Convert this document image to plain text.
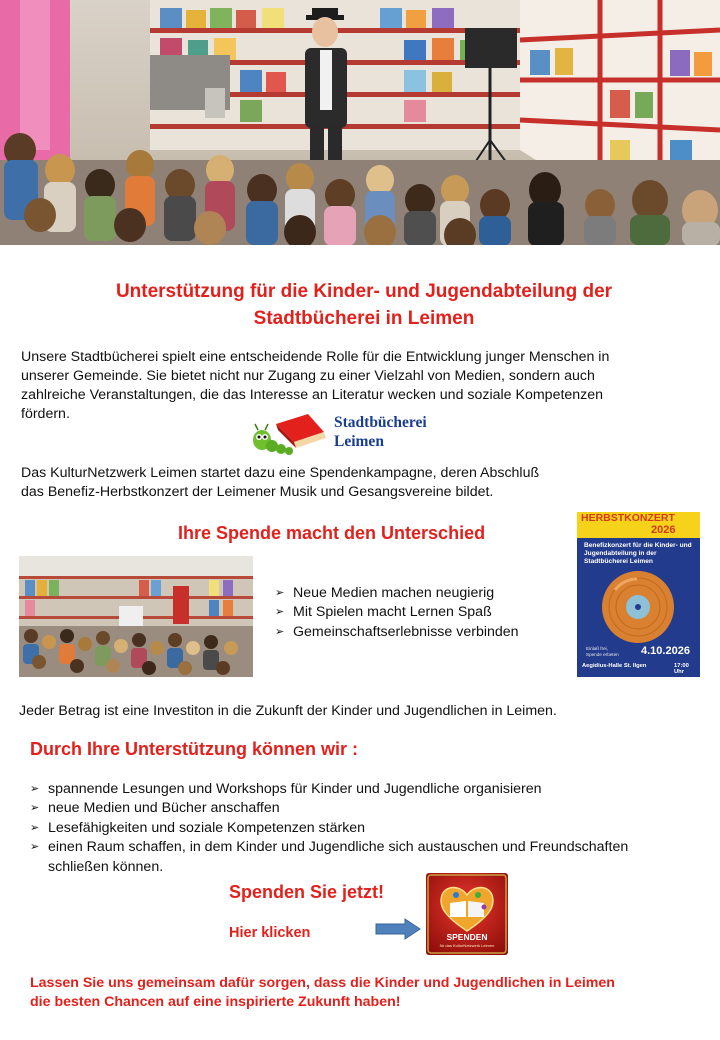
Unterstützung für die Kinder- und Jugendabteilung der
Stadtbücherei in Leimen
Unsere Stadtbücherei spielt eine entscheidende Rolle für die Entwicklung junger Menschen in
unserer Gemeinde. Sie bietet nicht nur Zugang zu einer Vielzahl von Medien, sondern auch
zahlreiche Veranstaltungen, die das Interesse an Literatur wecken und soziale Kompetenzen
fördern.	Stadtbücherei
Leimen
Das KulturNetzwerk Leimen startet dazu eine Spendenkampagne, deren Abschluß
das Benefiz-Herbstkonzert der Leimener Musik und Gesangsvereine bildet.
Ihre Spende macht den Unterschied
➢ Neue Medien machen neugierig
➢ Mit Spielen macht Lernen Spaß
➢ Gemeinschaftserlebnisse verbinden
HERBSTKONZERT
2026
Benefizkonzert für die Kinder- und Jugendabteilung in der Stadtbücherei Leimen
Einlaß frei,
Spende erbeten	4.10.2026
Aegidius-Halle St. Ilgen	17:00 Uhr
Jeder Betrag ist eine Investiton in die Zukunft der Kinder und Jugendlichen in Leimen.
Durch Ihre Unterstützung können wir :
➢ spannende Lesungen und Workshops für Kinder und Jugendliche organisieren
➢ neue Medien und Bücher anschaffen
➢ Lesefähigkeiten und soziale Kompetenzen stärken
➢ einen Raum schaffen, in dem Kinder und Jugendliche sich austauschen und Freundschaften
schließen können.
Spenden Sie jetzt!
Hier klicken	SPENDEN
für das KulturNetzwerk Leimen
Lassen Sie uns gemeinsam dafür sorgen, dass die Kinder und Jugendlichen in Leimen
die besten Chancen auf eine inspirierte Zukunft haben!
